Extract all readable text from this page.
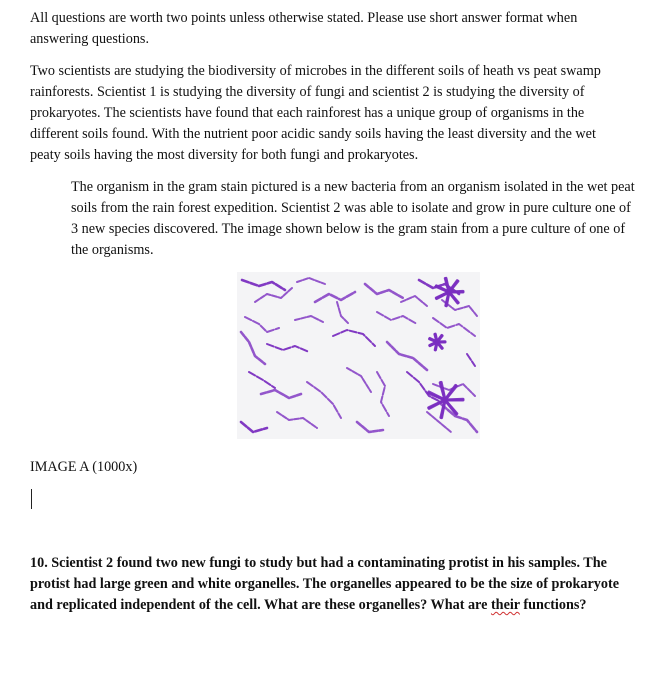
All questions are worth two points unless otherwise stated. Please use short answer format when answering questions.

Two scientists are studying the biodiversity of microbes in the different soils of heath vs peat swamp rainforests. Scientist 1 is studying the diversity of fungi and scientist 2 is studying the diversity of prokaryotes. The scientists have found that each rainforest has a unique group of organisms in the different soils found. With the nutrient poor acidic sandy soils having the least diversity and the wet peaty soils having the most diversity for both fungi and prokaryotes.

The organism in the gram stain pictured is a new bacteria from an organism isolated in the wet peat soils from the rain forest expedition. Scientist 2 was able to isolate and grow in pure culture one of 3 new species discovered. The image shown below is the gram stain from a pure culture of one of the organisms.

IMAGE A (1000x)

10. Scientist 2 found two new fungi to study but had a contaminating protist in his samples. The protist had large green and white organelles. The organelles appeared to be the size of prokaryote and replicated independent of the cell. What are these organelles? What are their functions?
